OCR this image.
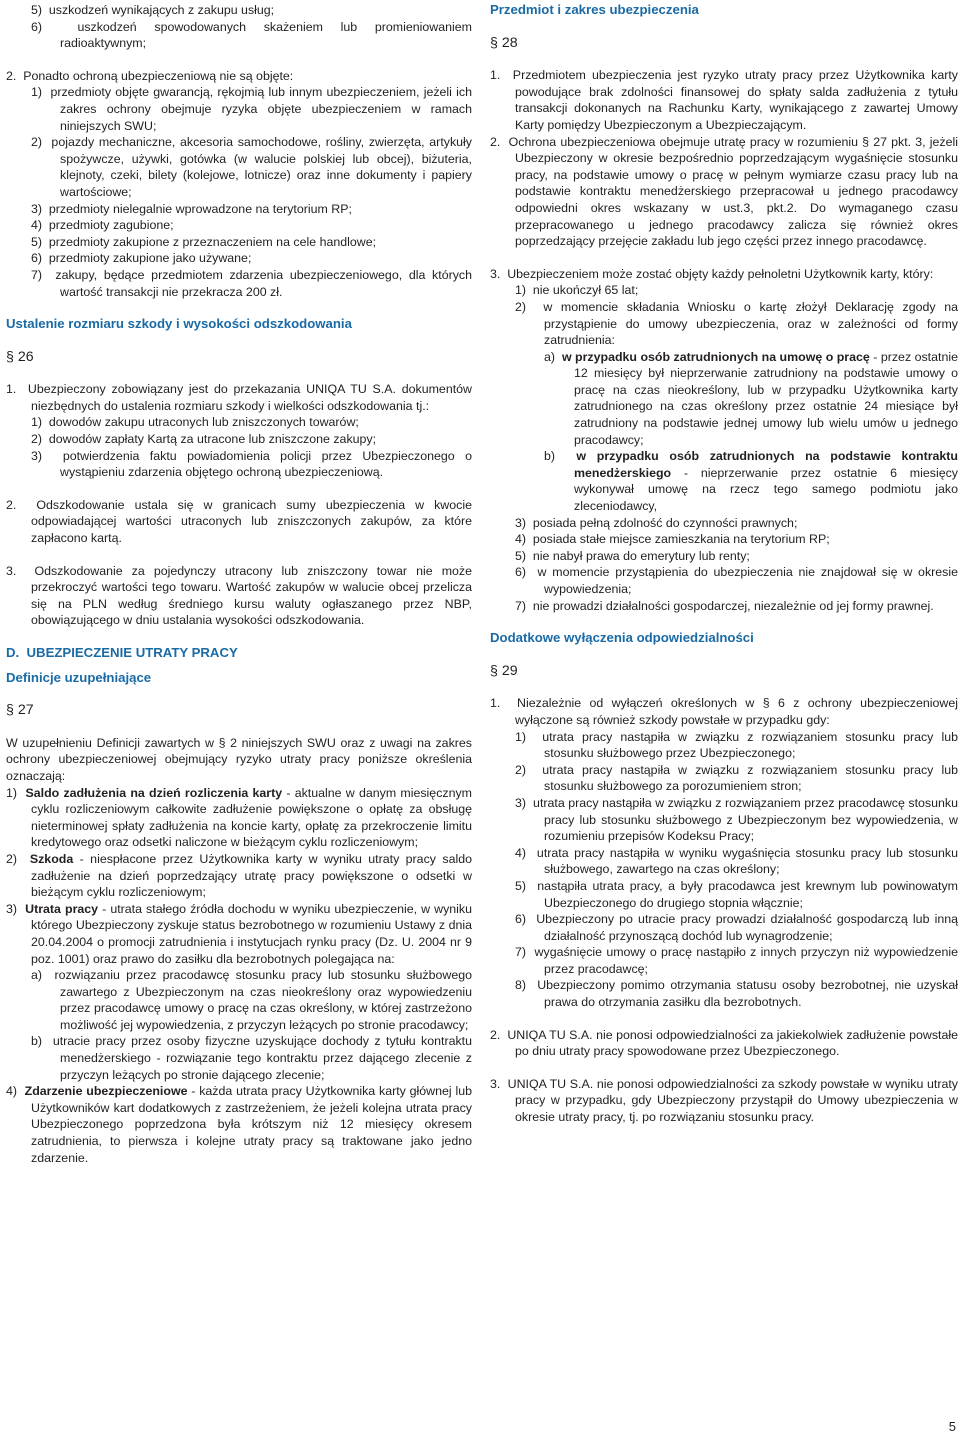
5)  uszkodzeń wynikających z zakupu usług;

6)  uszkodzeń spowodowanych skażeniem lub promieniowaniem radioaktywnym;

2.  Ponadto ochroną ubezpieczeniową nie są objęte:

1)  przedmioty objęte gwarancją, rękojmią lub innym ubezpieczeniem, jeżeli ich zakres ochrony obejmuje ryzyka objęte ubezpieczeniem w ramach niniejszych SWU;

2)  pojazdy mechaniczne, akcesoria samochodowe, rośliny, zwierzęta, artykuły spożywcze, używki, gotówka (w walucie polskiej lub obcej), biżuteria, klejnoty, czeki, bilety (kolejowe, lotnicze) oraz inne dokumenty i papiery wartościowe;

3)  przedmioty nielegalnie wprowadzone na terytorium RP;

4)  przedmioty zagubione;

5)  przedmioty zakupione z przeznaczeniem na cele handlowe;

6)  przedmioty zakupione jako używane;

7)  zakupy, będące przedmiotem zdarzenia ubezpieczeniowego, dla których wartość transakcji nie przekracza 200 zł.

Ustalenie rozmiaru szkody i wysokości odszkodowania

§ 26

1.  Ubezpieczony zobowiązany jest do przekazania UNIQA TU S.A. dokumentów niezbędnych do ustalenia rozmiaru szkody i wielkości odszkodowania tj.:

1)  dowodów zakupu utraconych lub zniszczonych towarów;

2)  dowodów zapłaty Kartą za utracone lub zniszczone zakupy;

3)  potwierdzenia faktu powiadomienia policji przez Ubezpieczonego o wystąpieniu zdarzenia objętego ochroną ubezpieczeniową.

2.  Odszkodowanie ustala się w granicach sumy ubezpieczenia w kwocie odpowiadającej wartości utraconych lub zniszczonych zakupów, za które zapłacono kartą.

3.  Odszkodowanie za pojedynczy utracony lub zniszczony towar nie może przekroczyć wartości tego towaru. Wartość zakupów w walucie obcej przelicza się na PLN według średniego kursu waluty ogłaszanego przez NBP, obowiązującego w dniu ustalania wysokości odszkodowania.

D.  UBEZPIECZENIE UTRATY PRACY

Definicje uzupełniające

§ 27

W uzupełnieniu Definicji zawartych w § 2 niniejszych SWU oraz z uwagi na zakres ochrony ubezpieczeniowej obejmujący ryzyko utraty pracy poniższe określenia oznaczają:

1)  Saldo zadłużenia na dzień rozliczenia karty - aktualne w danym miesięcznym cyklu rozliczeniowym całkowite zadłużenie powiększone o opłatę za obsługę nieterminowej spłaty zadłużenia na koncie karty, opłatę za przekroczenie limitu kredytowego oraz odsetki naliczone w bieżącym cyklu rozliczeniowym;

2)  Szkoda - niespłacone przez Użytkownika karty w wyniku utraty pracy saldo zadłużenie na dzień poprzedzający utratę pracy powiększone o odsetki w bieżącym cyklu rozliczeniowym;

3)  Utrata pracy - utrata stałego źródła dochodu w wyniku ubezpieczenie, w wyniku którego Ubezpieczony zyskuje status bezrobotnego w rozumieniu Ustawy z dnia 20.04.2004 o promocji zatrudnienia i instytucjach rynku pracy (Dz. U. 2004 nr 9 poz. 1001) oraz prawo do zasiłku dla bezrobotnych polegająca na:

a)  rozwiązaniu przez pracodawcę stosunku pracy lub stosunku służbowego zawartego z Ubezpieczonym na czas nieokreślony oraz wypowiedzeniu przez pracodawcę umowy o pracę na czas określony, w której zastrzeżono możliwość jej wypowiedzenia, z przyczyn leżących po stronie pracodawcy;

b)  utracie pracy przez osoby fizyczne uzyskujące dochody z tytułu kontraktu menedżerskiego - rozwiązanie tego kontraktu przez dającego zlecenie z przyczyn leżących po stronie dającego zlecenie;

4)  Zdarzenie ubezpieczeniowe - każda utrata pracy Użytkownika karty głównej lub Użytkowników kart dodatkowych z zastrzeżeniem, że jeżeli kolejna utrata pracy Ubezpieczonego poprzedzona była krótszym niż 12 miesięcy okresem zatrudnienia, to pierwsza i kolejne utraty pracy są traktowane jako jedno zdarzenie.

Przedmiot i zakres ubezpieczenia

§ 28

1.  Przedmiotem ubezpieczenia jest ryzyko utraty pracy przez Użytkownika karty powodujące brak zdolności finansowej do spłaty salda zadłużenia z tytułu transakcji dokonanych na Rachunku Karty, wynikającego z zawartej Umowy Karty pomiędzy Ubezpieczonym a Ubezpieczającym.

2.  Ochrona ubezpieczeniowa obejmuje utratę pracy w rozumieniu § 27 pkt. 3, jeżeli Ubezpieczony w okresie bezpośrednio poprzedzającym wygaśnięcie stosunku pracy, na podstawie umowy o pracę w pełnym wymiarze czasu pracy lub na podstawie kontraktu menedżerskiego przepracował u jednego pracodawcy odpowiedni okres wskazany w ust.3, pkt.2. Do wymaganego czasu przepracowanego u jednego pracodawcy zalicza się również okres poprzedzający przejęcie zakładu lub jego części przez innego pracodawcę.

3.  Ubezpieczeniem może zostać objęty każdy pełnoletni Użytkownik karty, który:

1)  nie ukończył 65 lat;

2)  w momencie składania Wniosku o kartę złożył Deklarację zgody na przystąpienie do umowy ubezpieczenia, oraz w zależności od formy zatrudnienia:

a)  w przypadku osób zatrudnionych na umowę o pracę - przez ostatnie 12 miesięcy był nieprzerwanie zatrudniony na podstawie umowy o pracę na czas nieokreślony, lub w przypadku Użytkownika karty zatrudnionego na czas określony przez ostatnie 24 miesiące był zatrudniony na podstawie jednej umowy lub wielu umów u jednego pracodawcy;

b)  w przypadku osób zatrudnionych na podstawie kontraktu menedżerskiego - nieprzerwanie przez ostatnie 6 miesięcy wykonywał umowę na rzecz tego samego podmiotu jako zleceniodawcy,

3)  posiada pełną zdolność do czynności prawnych;

4)  posiada stałe miejsce zamieszkania na terytorium RP;

5)  nie nabył prawa do emerytury lub renty;

6)  w momencie przystąpienia do ubezpieczenia nie znajdował się w okresie wypowiedzenia;

7)  nie prowadzi działalności gospodarczej, niezależnie od jej formy prawnej.

Dodatkowe wyłączenia odpowiedzialności

§ 29

1.  Niezależnie od wyłączeń określonych w § 6 z ochrony ubezpieczeniowej wyłączone są również szkody powstałe w przypadku gdy:

1)  utrata pracy nastąpiła w związku z rozwiązaniem stosunku pracy lub stosunku służbowego przez Ubezpieczonego;

2)  utrata pracy nastąpiła w związku z rozwiązaniem stosunku pracy lub stosunku służbowego za porozumieniem stron;

3)  utrata pracy nastąpiła w związku z rozwiązaniem przez pracodawcę stosunku pracy lub stosunku służbowego z Ubezpieczonym bez wypowiedzenia, w rozumieniu przepisów Kodeksu Pracy;

4)  utrata pracy nastąpiła w wyniku wygaśnięcia stosunku pracy lub stosunku służbowego, zawartego na czas określony;

5)  nastąpiła utrata pracy, a były pracodawca jest krewnym lub powinowatym Ubezpieczonego do drugiego stopnia włącznie;

6)  Ubezpieczony po utracie pracy prowadzi działalność gospodarczą lub inną działalność przynoszącą dochód lub wynagrodzenie;

7)  wygaśnięcie umowy o pracę nastąpiło z innych przyczyn niż wypowiedzenie przez pracodawcę;

8)  Ubezpieczony pomimo otrzymania statusu osoby bezrobotnej, nie uzyskał prawa do otrzymania zasiłku dla bezrobotnych.

2.  UNIQA TU S.A. nie ponosi odpowiedzialności za jakiekolwiek zadłużenie powstałe po dniu utraty pracy spowodowane przez Ubezpieczonego.

3.  UNIQA TU S.A. nie ponosi odpowiedzialności za szkody powstałe w wyniku utraty pracy w przypadku, gdy Ubezpieczony przystąpił do Umowy ubezpieczenia w okresie utraty pracy, tj. po rozwiązaniu stosunku pracy.

5
